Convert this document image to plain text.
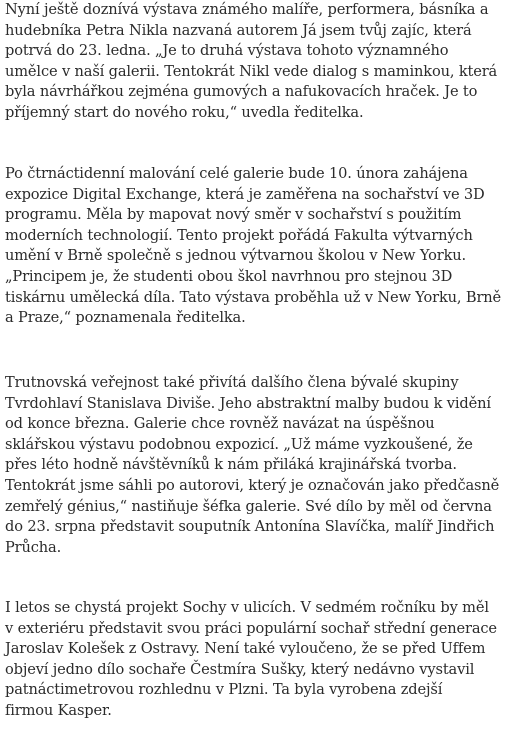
Nyní ještě doznívá výstava známého malíře, performera, básníka a
hudebníka Petra Nikla nazvaná autorem Já jsem tvůj zajíc, která
potrvá do 23. ledna. „Je to druhá výstava tohoto významného
umělce v naší galerii. Tentokrát Nikl vede dialog s maminkou, která
byla návrhářkou zejména gumových a nafukovacích hraček. Je to
příjemný start do nového roku,“ uvedla ředitelka.

Po čtrnáctidenní malování celé galerie bude 10. února zahájena
expozice Digital Exchange, která je zaměřena na sochařství ve 3D
programu. Měla by mapovat nový směr v sochařství s použitím
moderních technologií. Tento projekt pořádá Fakulta výtvarných
umění v Brně společně s jednou výtvarnou školou v New Yorku.
„Principem je, že studenti obou škol navrhnou pro stejnou 3D
tiskárnu umělecká díla. Tato výstava proběhla už v New Yorku, Brně
a Praze,“ poznamenala ředitelka.

Trutnovská veřejnost také přivítá dalšího člena bývalé skupiny
Tvrdohlaví Stanislava Diviše. Jeho abstraktní malby budou k vidění
od konce března. Galerie chce rovněž navázat na úspěšnou
sklářskou výstavu podobnou expozicí. „Už máme vyzkoušené, že
přes léto hodně návštěvníků k nám přiláká krajinářská tvorba.
Tentokrát jsme sáhli po autorovi, který je označován jako předčasně
zemřelý génius,“ nastiňuje šéfka galerie. Své dílo by měl od června
do 23. srpna představit souputník Antonína Slavíčka, malíř Jindřich
Průcha.

I letos se chystá projekt Sochy v ulicích. V sedmém ročníku by měl
v exteriéru představit svou práci populární sochař střední generace
Jaroslav Kolešek z Ostravy. Není také vyloučeno, že se před Uffem
objeví jedno dílo sochaře Čestmíra Sušky, který nedávno vystavil
patnáctimetrovou rozhlednu v Plzni. Ta byla vyrobena zdejší
firmou Kasper.
